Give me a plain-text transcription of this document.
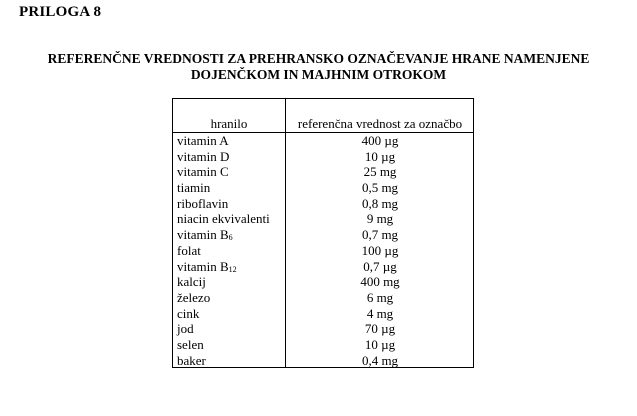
PRILOGA 8
REFERENČNE VREDNOSTI ZA PREHRANSKO OZNAČEVANJE HRANE NAMENJENE
DOJENČKOM IN MAJHNIM OTROKOM
hranilo	referenčna vrednost za označbo
vitamin A	400 µg
vitamin D	10 µg
vitamin C	25 mg
tiamin	0,5 mg
riboflavin	0,8 mg
niacin ekvivalenti	9 mg
vitamin $B_6$	0,7 mg
folat	100 µg
vitamin $B_{12}$	0,7 µg
kalcij	400 mg
železo	6 mg
cink	4 mg
jod	70 µg
selen	10 µg
baker	0,4 mg
